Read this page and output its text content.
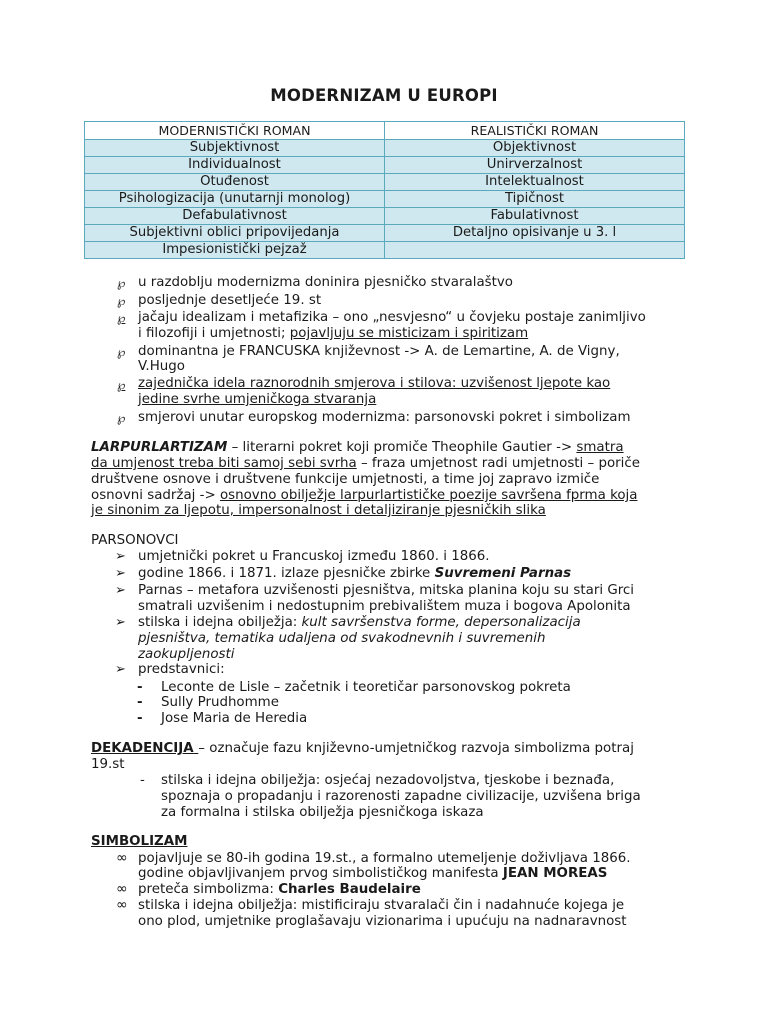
MODERNIZAM U EUROPI
MODERNISTIČKI ROMAN	REALISTIČKI ROMAN
Subjektivnost	Objektivnost
Individualnost	Unirverzalnost
Otuđenost	Intelektualnost
Psihologizacija (unutarnji monolog)	Tipičnost
Defabulativnost	Fabulativnost
Subjektivni oblici pripovijedanja	Detaljno opisivanje u 3. l
Impesionistički pejzaž	
℘ u razdoblju modernizma doninira pjesničko stvaralaštvo
℘ posljednje desetljeće 19. st
℘ jačaju idealizam i metafizika – ono „nesvjesno“ u čovjeku postaje zanimljivo
i filozofiji i umjetnosti; pojavljuju se misticizam i spiritizam
℘ dominantna je FRANCUSKA književnost -> A. de Lemartine, A. de Vigny,
V.Hugo
℘ zajednička idela raznorodnih smjerova i stilova: uzvišenost ljepote kao
jedine svrhe umjeničkoga stvaranja
℘ smjerovi unutar europskog modernizma: parsonovski pokret i simbolizam
LARPURLARTIZAM – literarni pokret koji promiče Theophile Gautier -> smatra
da umjenost treba biti samoj sebi svrha – fraza umjetnost radi umjetnosti – poriče
društvene osnove i društvene funkcije umjetnosti, a time joj zapravo izmiče
osnovni sadržaj -> osnovno obilježje larpurlartističke poezije savršena fprma koja
je sinonim za ljepotu, impersonalnost i detaljiziranje pjesničkih slika
PARSONOVCI
➢ umjetnički pokret u Francuskoj između 1860. i 1866.
➢ godine 1866. i 1871. izlaze pjesničke zbirke Suvremeni Parnas
➢ Parnas – metafora uzvišenosti pjesništva, mitska planina koju su stari Grci
smatrali uzvišenim i nedostupnim prebivalištem muza i bogova Apolonita
➢ stilska i idejna obilježja: kult savršenstva forme, depersonalizacija
pjesništva, tematika udaljena od svakodnevnih i suvremenih
zaokupljenosti
➢ predstavnici:
- Leconte de Lisle – začetnik i teoretičar parsonovskog pokreta
- Sully Prudhomme
- Jose Maria de Heredia
DEKADENCIJA – označuje fazu književno-umjetničkog razvoja simbolizma potraj
19.st
- stilska i idejna obilježja: osjećaj nezadovoljstva, tjeskobe i beznađa,
spoznaja o propadanju i razorenosti zapadne civilizacije, uzvišena briga
za formalna i stilska obilježja pjesničkoga iskaza
SIMBOLIZAM
∞ pojavljuje se 80-ih godina 19.st., a formalno utemeljenje doživljava 1866.
godine objavljivanjem prvog simbolističkog manifesta JEAN MOREAS
∞ preteča simbolizma: Charles Baudelaire
∞ stilska i idejna obilježja: mistificiraju stvaralači čin i nadahnuće kojega je
ono plod, umjetnike proglašavaju vizionarima i upućuju na nadnaravnost
